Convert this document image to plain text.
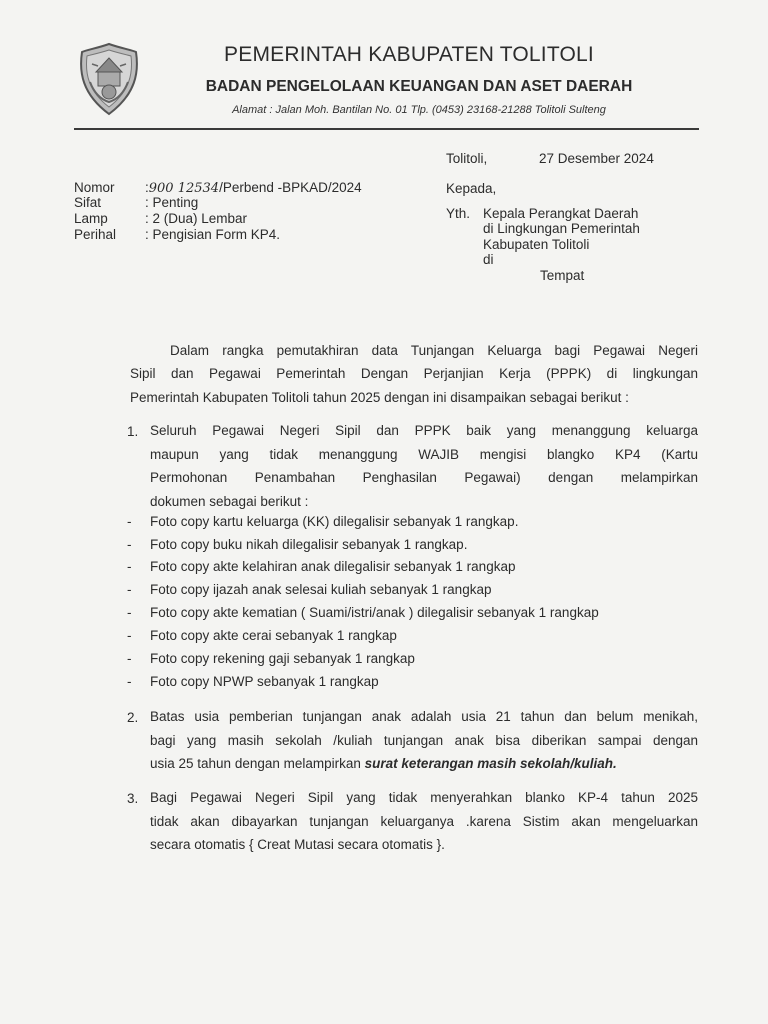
PEMERINTAH KABUPATEN TOLITOLI
BADAN PENGELOLAAN KEUANGAN DAN ASET DAERAH
Alamat : Jalan Moh. Bantilan No. 01 Tlp. (0453) 23168-21288 Tolitoli Sulteng
Tolitoli,	27 Desember 2024
Nomor :900 12534/Perbend -BPKAD/2024
Sifat	: Penting
Lamp	: 2 (Dua) Lembar
Perihal : Pengisian Form KP4.
Kepada,
Yth. Kepala Perangkat Daerah
di Lingkungan Pemerintah
Kabupaten Tolitoli
di
Tempat
Dalam rangka pemutakhiran data Tunjangan Keluarga bagi Pegawai Negeri
Sipil dan Pegawai Pemerintah Dengan Perjanjian Kerja (PPPK) di lingkungan
Pemerintah Kabupaten Tolitoli tahun 2025 dengan ini disampaikan sebagai berikut :
1. Seluruh Pegawai Negeri Sipil dan PPPK baik yang menanggung keluarga
maupun yang tidak menanggung WAJIB mengisi blangko KP4 (Kartu
Permohonan Penambahan Penghasilan Pegawai) dengan melampirkan
dokumen sebagai berikut :
- Foto copy kartu keluarga (KK) dilegalisir sebanyak 1 rangkap.
- Foto copy buku nikah dilegalisir sebanyak 1 rangkap.
- Foto copy akte kelahiran anak dilegalisir sebanyak 1 rangkap
- Foto copy ijazah anak selesai kuliah sebanyak 1 rangkap
- Foto copy akte kematian ( Suami/istri/anak ) dilegalisir sebanyak 1 rangkap
- Foto copy akte cerai sebanyak 1 rangkap
- Foto copy rekening gaji sebanyak 1 rangkap
- Foto copy NPWP sebanyak 1 rangkap
2. Batas usia pemberian tunjangan anak adalah usia 21 tahun dan belum menikah,
bagi yang masih sekolah /kuliah tunjangan anak bisa diberikan sampai dengan
usia 25 tahun dengan melampirkan surat keterangan masih sekolah/kuliah.
3. Bagi Pegawai Negeri Sipil yang tidak menyerahkan blanko KP-4 tahun 2025
tidak akan dibayarkan tunjangan keluarganya .karena Sistim akan mengeluarkan
secara otomatis { Creat Mutasi secara otomatis }.
